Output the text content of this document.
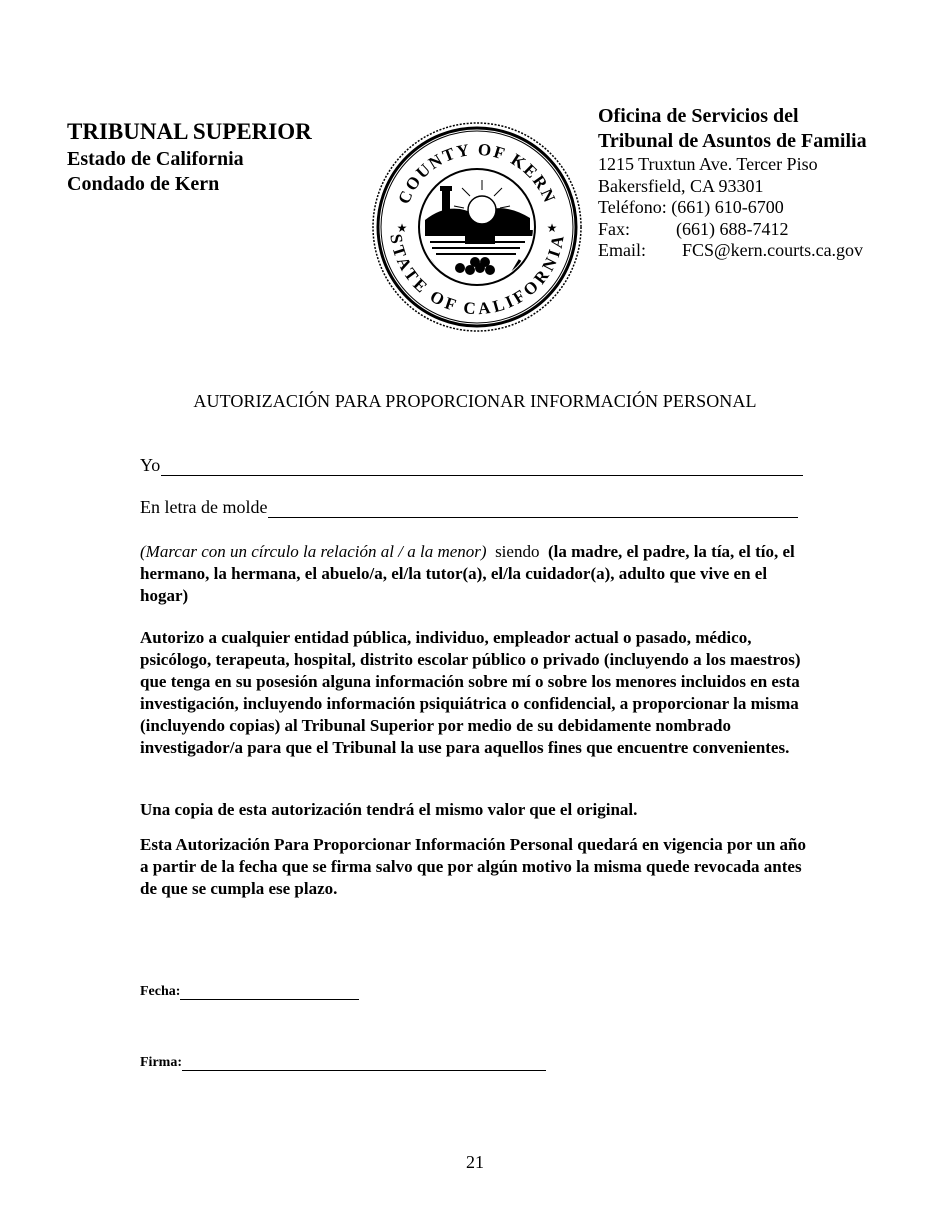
TRIBUNAL SUPERIOR
Estado de California
Condado de Kern
COUNTY OF KERN
STATE OF CALIFORNIA
★	★
Oficina de Servicios del
Tribunal de Asuntos de Familia
1215 Truxtun Ave. Tercer Piso
Bakersfield, CA 93301
Teléfono: (661) 610-6700
Fax:	(661) 688-7412
Email:	FCS@kern.courts.ca.gov
AUTORIZACIÓN PARA PROPORCIONAR INFORMACIÓN PERSONAL
Yo
En letra de molde
(Marcar con un círculo la relación al / a la menor) siendo (la madre, el padre, la tía, el tío, el hermano, la hermana, el abuelo/a, el/la tutor(a), el/la cuidador(a), adulto que vive en el hogar)
Autorizo a cualquier entidad pública, individuo, empleador actual o pasado, médico, psicólogo, terapeuta, hospital, distrito escolar público o privado (incluyendo a los maestros) que tenga en su posesión alguna información sobre mí o sobre los menores incluidos en esta investigación, incluyendo información psiquiátrica o confidencial, a proporcionar la misma (incluyendo copias) al Tribunal Superior por medio de su debidamente nombrado investigador/a para que el Tribunal la use para aquellos fines que encuentre convenientes.
Una copia de esta autorización tendrá el mismo valor que el original.
Esta Autorización Para Proporcionar Información Personal quedará en vigencia por un año a partir de la fecha que se firma salvo que por algún motivo la misma quede revocada antes de que se cumpla ese plazo.
Fecha:
Firma:
21
